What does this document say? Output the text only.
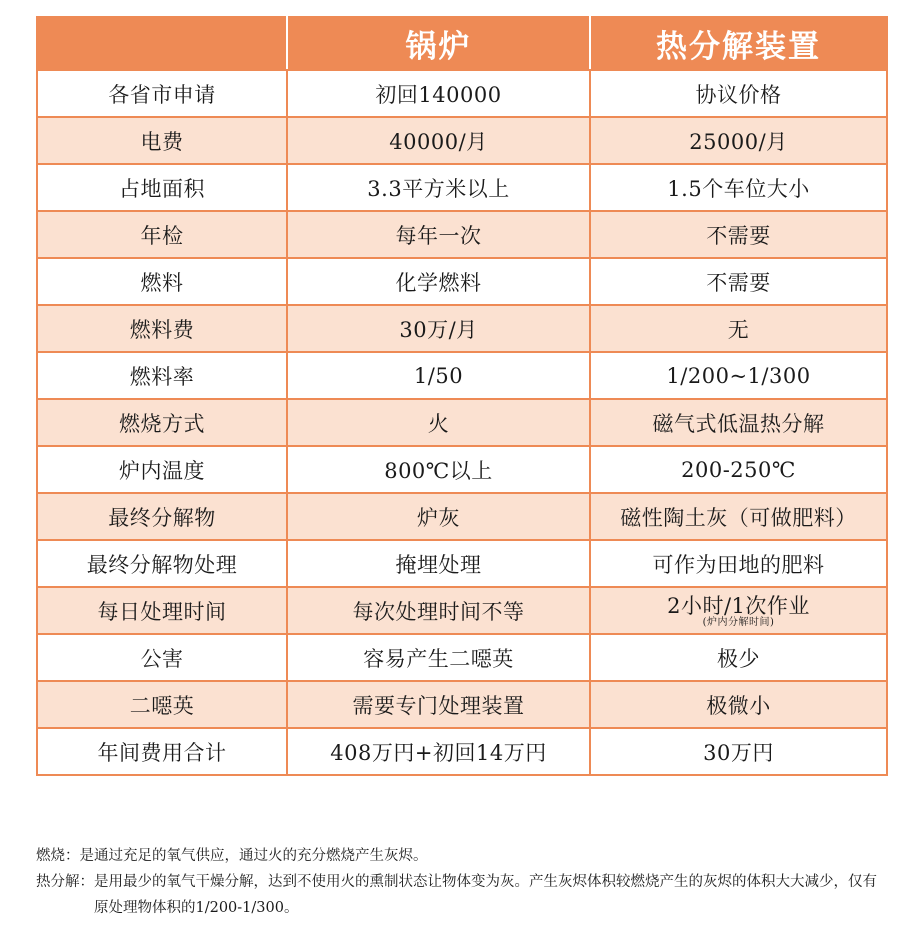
	锅炉	热分解装置
各省市申请	初回140000	协议价格
电费	40000/月	25000/月
占地面积	3.3平方米以上	1.5个车位大小
年检	每年一次	不需要
燃料	化学燃料	不需要
燃料费	30万/月	无
燃料率	1/50	1/200~1/300
燃烧方式	火	磁气式低温热分解
炉内温度	800℃以上	200-250℃
最终分解物	炉灰	磁性陶土灰（可做肥料）
最终分解物处理	掩埋处理	可作为田地的肥料
每日处理时间	每次处理时间不等	2小时/1次作业
(炉内分解时间)

公害	容易产生二噁英	极少
二噁英	需要专门处理装置	极微小
年间费用合计	408万円+初回14万円	30万円
燃烧： 是通过充足的氧气供应，通过火的充分燃烧产生灰烬。
热分解： 是用最少的氧气干燥分解，达到不使用火的熏制状态让物体变为灰。产生灰烬体积较燃烧产生的灰烬的体积大大减少，仅有原处理物体积的1/200-1/300。
